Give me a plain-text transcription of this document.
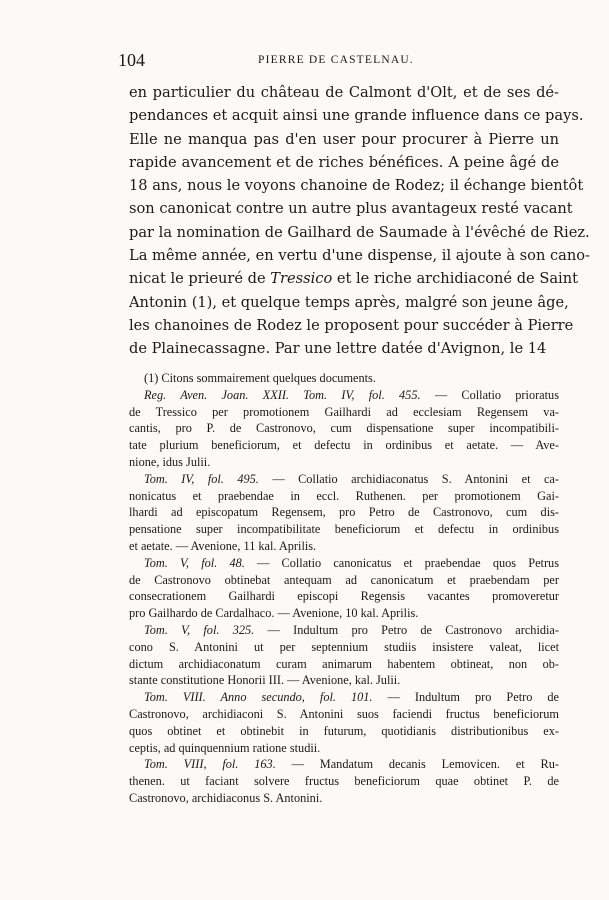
104	PIERRE DE CASTELNAU.
en particulier du château de Calmont d'Olt, et de ses dé-
pendances et acquit ainsi une grande influence dans ce pays.
Elle ne manqua pas d'en user pour procurer à Pierre un
rapide avancement et de riches bénéfices. A peine âgé de
18 ans, nous le voyons chanoine de Rodez; il échange bientôt
son canonicat contre un autre plus avantageux resté vacant
par la nomination de Gailhard de Saumade à l'évêché de Riez.
La même année, en vertu d'une dispense, il ajoute à son cano-
nicat le prieuré de Tressico et le riche archidiaconé de Saint
Antonin (1), et quelque temps après, malgré son jeune âge,
les chanoines de Rodez le proposent pour succéder à Pierre
de Plainecassagne. Par une lettre datée d'Avignon, le 14
(1) Citons sommairement quelques documents.
Reg. Aven. Joan. XXII. Tom. IV, fol. 455. — Collatio prioratus
de Tressico per promotionem Gailhardi ad ecclesiam Regensem va-
cantis, pro P. de Castronovo, cum dispensatione super incompatibili-
tate plurium beneficiorum, et defectu in ordinibus et aetate. — Ave-
nione, idus Julii.
Tom. IV, fol. 495. — Collatio archidiaconatus S. Antonini et ca-
nonicatus et praebendae in eccl. Ruthenen. per promotionem Gai-
lhardi ad episcopatum Regensem, pro Petro de Castronovo, cum dis-
pensatione super incompatibilitate beneficiorum et defectu in ordinibus
et aetate. — Avenione, 11 kal. Aprilis.
Tom. V, fol. 48. — Collatio canonicatus et praebendae quos Petrus
de Castronovo obtinebat antequam ad canonicatum et praebendam per
consecrationem Gailhardi episcopi Regensis vacantes promoveretur
pro Gailhardo de Cardalhaco. — Avenione, 10 kal. Aprilis.
Tom. V, fol. 325. — Indultum pro Petro de Castronovo archidia-
cono S. Antonini ut per septennium studiis insistere valeat, licet
dictum archidiaconatum curam animarum habentem obtineat, non ob-
stante constitutione Honorii III. — Avenione, kal. Julii.
Tom. VIII. Anno secundo, fol. 101. — Indultum pro Petro de
Castronovo, archidiaconi S. Antonini suos faciendi fructus beneficiorum
quos obtinet et obtinebit in futurum, quotidianis distributionibus ex-
ceptis, ad quinquennium ratione studii.
Tom. VIII, fol. 163. — Mandatum decanis Lemovicen. et Ru-
thenen. ut faciant solvere fructus beneficiorum quae obtinet P. de
Castronovo, archidiaconus S. Antonini.
